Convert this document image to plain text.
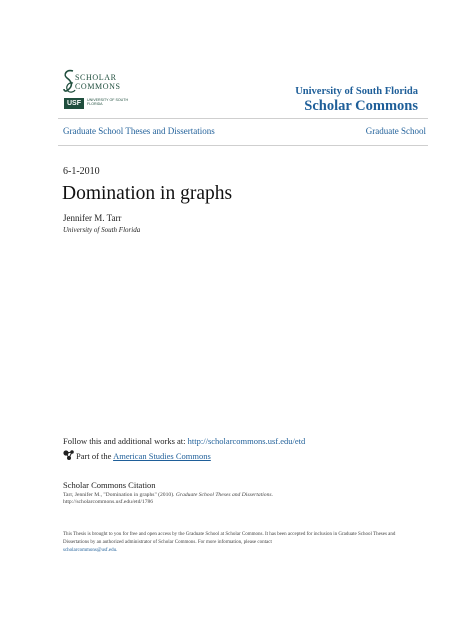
SCHOLAR
COMMONS
USF	UNIVERSITY OF SOUTH FLORIDA
University of South Florida
Scholar Commons
Graduate School Theses and Dissertations	Graduate School
6-1-2010
Domination in graphs
Jennifer M. Tarr
University of South Florida
Follow this and additional works at: http://scholarcommons.usf.edu/etd
Part of the American Studies Commons
Scholar Commons Citation
Tarr, Jennifer M., "Domination in graphs" (2010). Graduate School Theses and Dissertations.
http://scholarcommons.usf.edu/etd/1786
This Thesis is brought to you for free and open access by the Graduate School at Scholar Commons. It has been accepted for inclusion in Graduate School Theses and Dissertations by an authorized administrator of Scholar Commons. For more information, please contact
scholarcommons@usf.edu.
